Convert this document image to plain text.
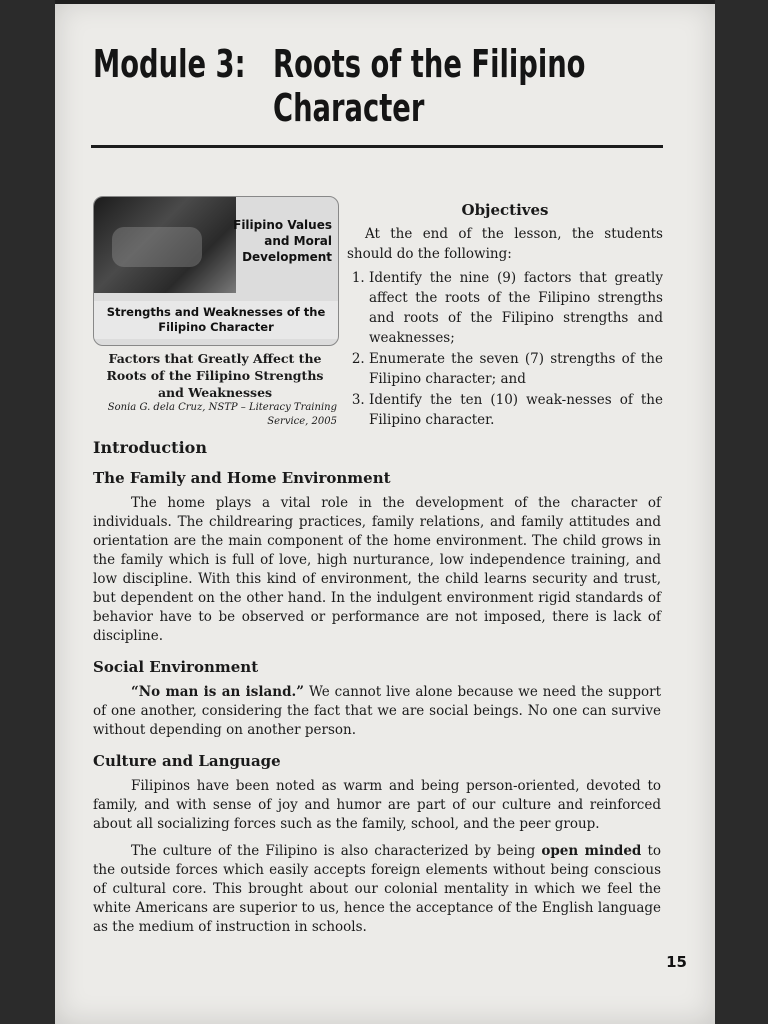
Module 3: Roots of the Filipino
Character
Filipino Values and Moral Development
Strengths and Weaknesses of the Filipino Character
Factors that Greatly Affect the Roots of the Filipino Strengths and Weaknesses
Sonia G. dela Cruz, NSTP – Literacy Training
Service, 2005
Objectives

At the end of the lesson, the students should do the following:

1. Identify the nine (9) factors that greatly affect the roots of the Filipino strengths and roots of the Filipino strengths and weaknesses;
2. Enumerate the seven (7) strengths of the Filipino character; and
3. Identify the ten (10) weak-nesses of the Filipino character.
Introduction
The Family and Home Environment

The home plays a vital role in the development of the character of individuals. The childrearing practices, family relations, and family attitudes and orientation are the main component of the home environment. The child grows in the family which is full of love, high nurturance, low independence training, and low discipline. With this kind of environment, the child learns security and trust, but dependent on the other hand. In the indulgent environment rigid standards of behavior have to be observed or performance are not imposed, there is lack of discipline.

Social Environment

“No man is an island.” We cannot live alone because we need the support of one another, considering the fact that we are social beings. No one can survive without depending on another person.

Culture and Language

Filipinos have been noted as warm and being person-oriented, devoted to family, and with sense of joy and humor are part of our culture and reinforced about all socializing forces such as the family, school, and the peer group.

The culture of the Filipino is also characterized by being open minded to the outside forces which easily accepts foreign elements without being conscious of cultural core. This brought about our colonial mentality in which we feel the white Americans are superior to us, hence the acceptance of the English language as the medium of instruction in schools.

15
